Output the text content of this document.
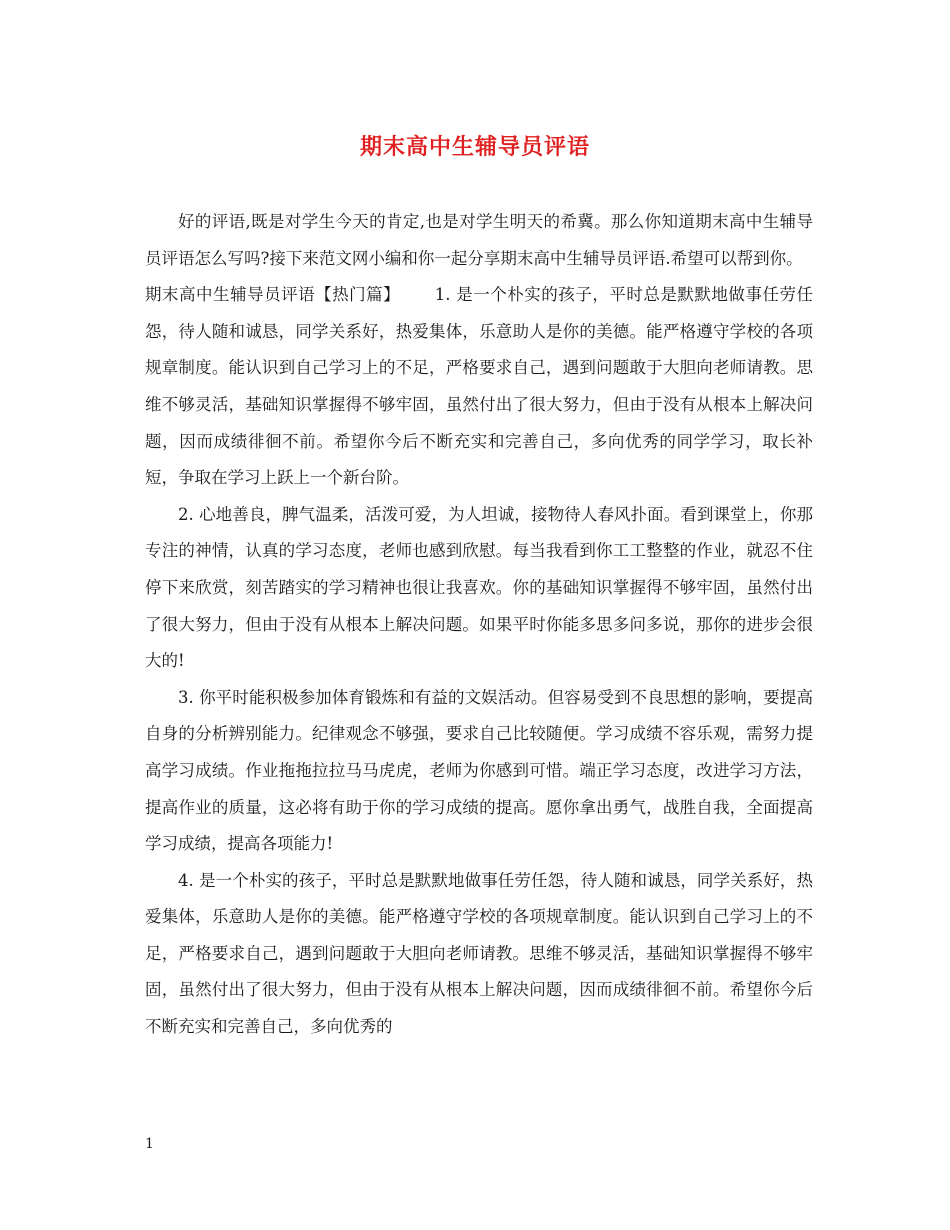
期末高中生辅导员评语

好的评语,既是对学生今天的肯定,也是对学生明天的希冀。那么你知道期末高中生辅导员评语怎么写吗?接下来范文网小编和你一起分享期末高中生辅导员评语.希望可以帮到你。

期末高中生辅导员评语【热门篇】      1. 是一个朴实的孩子，平时总是默默地做事任劳任怨，待人随和诚恳，同学关系好，热爱集体，乐意助人是你的美德。能严格遵守学校的各项规章制度。能认识到自己学习上的不足，严格要求自己，遇到问题敢于大胆向老师请教。思维不够灵活，基础知识掌握得不够牢固，虽然付出了很大努力，但由于没有从根本上解决问题，因而成绩徘徊不前。希望你今后不断充实和完善自己，多向优秀的同学学习，取长补短，争取在学习上跃上一个新台阶。

2. 心地善良，脾气温柔，活泼可爱，为人坦诚，接物待人春风扑面。看到课堂上，你那专注的神情，认真的学习态度，老师也感到欣慰。每当我看到你工工整整的作业，就忍不住停下来欣赏，刻苦踏实的学习精神也很让我喜欢。你的基础知识掌握得不够牢固，虽然付出了很大努力，但由于没有从根本上解决问题。如果平时你能多思多问多说，那你的进步会很大的!

3. 你平时能积极参加体育锻炼和有益的文娱活动。但容易受到不良思想的影响，要提高自身的分析辨别能力。纪律观念不够强，要求自己比较随便。学习成绩不容乐观，需努力提高学习成绩。作业拖拖拉拉马马虎虎，老师为你感到可惜。端正学习态度，改进学习方法，提高作业的质量，这必将有助于你的学习成绩的提高。愿你拿出勇气，战胜自我，全面提高学习成绩，提高各项能力!

4. 是一个朴实的孩子，平时总是默默地做事任劳任怨，待人随和诚恳，同学关系好，热爱集体，乐意助人是你的美德。能严格遵守学校的各项规章制度。能认识到自己学习上的不足，严格要求自己，遇到问题敢于大胆向老师请教。思维不够灵活，基础知识掌握得不够牢固，虽然付出了很大努力，但由于没有从根本上解决问题，因而成绩徘徊不前。希望你今后不断充实和完善自己，多向优秀的

1
